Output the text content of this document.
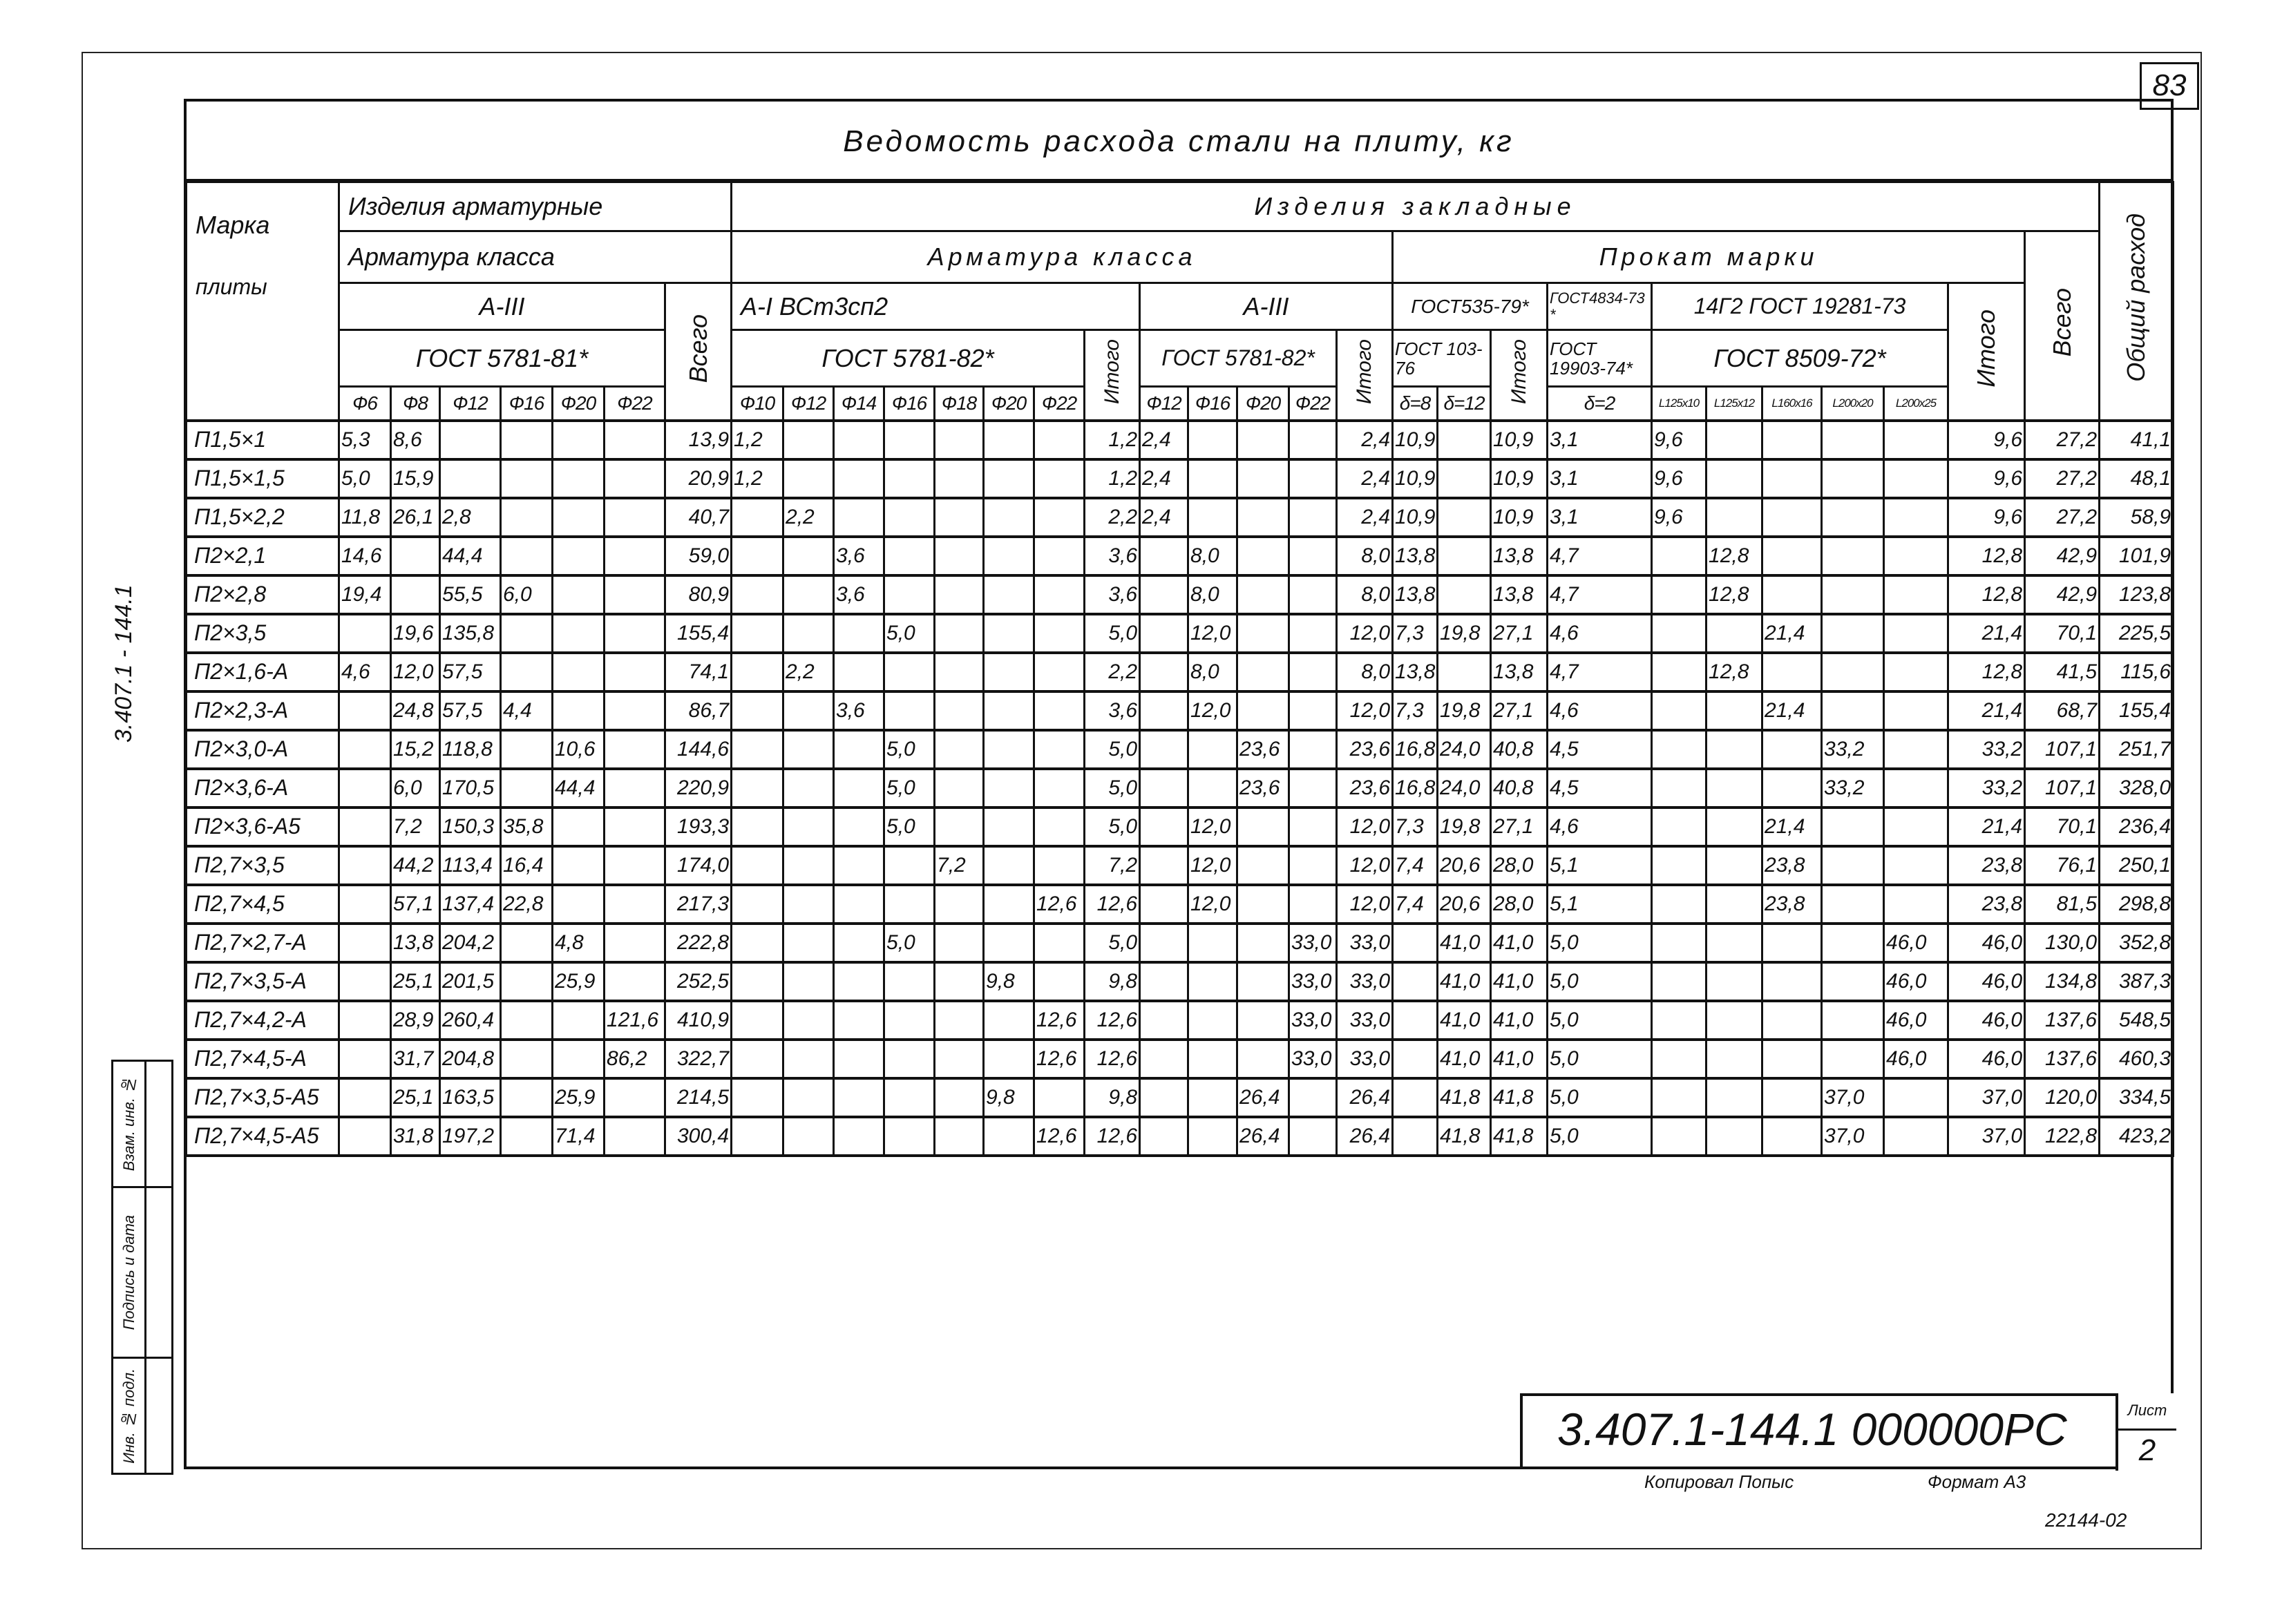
83
Ведомость расхода стали на плиту, кг
Марка
плиты	Изделия арматурные							Изделия закладные																								Общий расход
	Арматура класса							Арматура класса													Прокат марки										Всего	
	А-III						Всего	А-I ВСт3сп2								А-III					ГОСТ535-79*			ГОСТ4834-73*	14Г2 ГОСТ 19281-73					Итого		
	ГОСТ 5781-81*							ГОСТ 5781-82*							Итого	ГОСТ 5781-82*				Итого	ГОСТ 103-76		Итого	ГОСТ 19903-74*	ГОСТ 8509-72*							
	Ф6	Ф8	Ф12	Ф16	Ф20	Ф22		Ф10	Ф12	Ф14	Ф16	Ф18	Ф20	Ф22		Ф12	Ф16	Ф20	Ф22		δ=8	δ=12		δ=2	L125x10	L125x12	L160x16	L200x20	L200x25			
П1,5×1	5,3	8,6					13,9	1,2							1,2	2,4				2,4	10,9		10,9	3,1	9,6					9,6	27,2	41,1
П1,5×1,5	5,0	15,9					20,9	1,2							1,2	2,4				2,4	10,9		10,9	3,1	9,6					9,6	27,2	48,1
П1,5×2,2	11,8	26,1	2,8				40,7		2,2						2,2	2,4				2,4	10,9		10,9	3,1	9,6					9,6	27,2	58,9
П2×2,1	14,6		44,4				59,0			3,6					3,6		8,0			8,0	13,8		13,8	4,7		12,8				12,8	42,9	101,9
П2×2,8	19,4		55,5	6,0			80,9			3,6					3,6		8,0			8,0	13,8		13,8	4,7		12,8				12,8	42,9	123,8
П2×3,5		19,6	135,8				155,4				5,0				5,0		12,0			12,0	7,3	19,8	27,1	4,6			21,4			21,4	70,1	225,5
П2×1,6-А	4,6	12,0	57,5				74,1		2,2						2,2		8,0			8,0	13,8		13,8	4,7		12,8				12,8	41,5	115,6
П2×2,3-А		24,8	57,5	4,4			86,7			3,6					3,6		12,0			12,0	7,3	19,8	27,1	4,6			21,4			21,4	68,7	155,4
П2×3,0-А		15,2	118,8		10,6		144,6				5,0				5,0			23,6		23,6	16,8	24,0	40,8	4,5				33,2		33,2	107,1	251,7
П2×3,6-А		6,0	170,5		44,4		220,9				5,0				5,0			23,6		23,6	16,8	24,0	40,8	4,5				33,2		33,2	107,1	328,0
П2×3,6-А5		7,2	150,3	35,8			193,3				5,0				5,0		12,0			12,0	7,3	19,8	27,1	4,6			21,4			21,4	70,1	236,4
П2,7×3,5		44,2	113,4	16,4			174,0					7,2			7,2		12,0			12,0	7,4	20,6	28,0	5,1			23,8			23,8	76,1	250,1
П2,7×4,5		57,1	137,4	22,8			217,3							12,6	12,6		12,0			12,0	7,4	20,6	28,0	5,1			23,8			23,8	81,5	298,8
П2,7×2,7-А		13,8	204,2		4,8		222,8				5,0				5,0				33,0	33,0		41,0	41,0	5,0					46,0	46,0	130,0	352,8
П2,7×3,5-А		25,1	201,5		25,9		252,5						9,8		9,8				33,0	33,0		41,0	41,0	5,0					46,0	46,0	134,8	387,3
П2,7×4,2-А		28,9	260,4			121,6	410,9							12,6	12,6				33,0	33,0		41,0	41,0	5,0					46,0	46,0	137,6	548,5
П2,7×4,5-А		31,7	204,8			86,2	322,7							12,6	12,6				33,0	33,0		41,0	41,0	5,0					46,0	46,0	137,6	460,3
П2,7×3,5-А5		25,1	163,5		25,9		214,5						9,8		9,8			26,4		26,4		41,8	41,8	5,0				37,0		37,0	120,0	334,5
П2,7×4,5-А5		31,8	197,2		71,4		300,4							12,6	12,6			26,4		26,4		41,8	41,8	5,0				37,0		37,0	122,8	423,2
3.407.1 - 144.1
Взам. инв. №
Подпись и дата
Инв. № подл.	3.407.1-144.1 000000РС	Лист
2
Копировал Попыс	Формат А3
22144-02
